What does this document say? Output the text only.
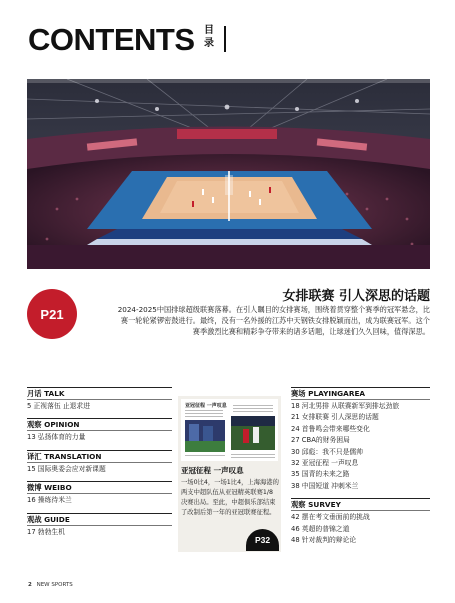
CONTENTS 目录
P21
女排联赛 引人深思的话题
2024-2025中国排球超级联赛落幕。在引人瞩目的女排赛场，围绕着贯穿整个赛季的冠军悬念，比赛一轮轮紧锣密鼓进行。最终，没有一名外援的江苏中天钢铁女排脱颖而出，成为联赛冠军。这个赛季激烈比赛和精彩争夺带来的诸多话题，让球迷们久久回味，值得深思。
月话 TALK
5 正视落伍 止退求进
观察 OPINION
13 弘扬体育的力量
译汇 TRANSLATION
15 国际奥委会应对新课题
微博 WEIBO
16 操练待米兰
观战 GUIDE
17 勃勃生机
亚冠征程 一声叹息
亚冠征程 一声叹息
一场0比4，一场1比4，上海海港的两支中超队伍从亚冠精英联赛1/8决赛出局。至此，中超俱乐部结束了改制后第一年的亚冠联赛征程。
P32
赛场 PLAYINGAREA
18 河北男排 从联赛新军到排坛劲旅
21 女排联赛 引人深思的话题
24 首鲁鸣会带来哪些变化
27 CBA的财务困局
30 邱彪：我不只是儒帅
32 亚冠征程 一声叹息
35 国青的未来之路
38 中国短道 冲刺米兰
观察 SURVEY
42 摆在考文垂面前的挑战
46 英超的普锦之道
48 针对裁判的辩论论
2 NEW SPORTS
